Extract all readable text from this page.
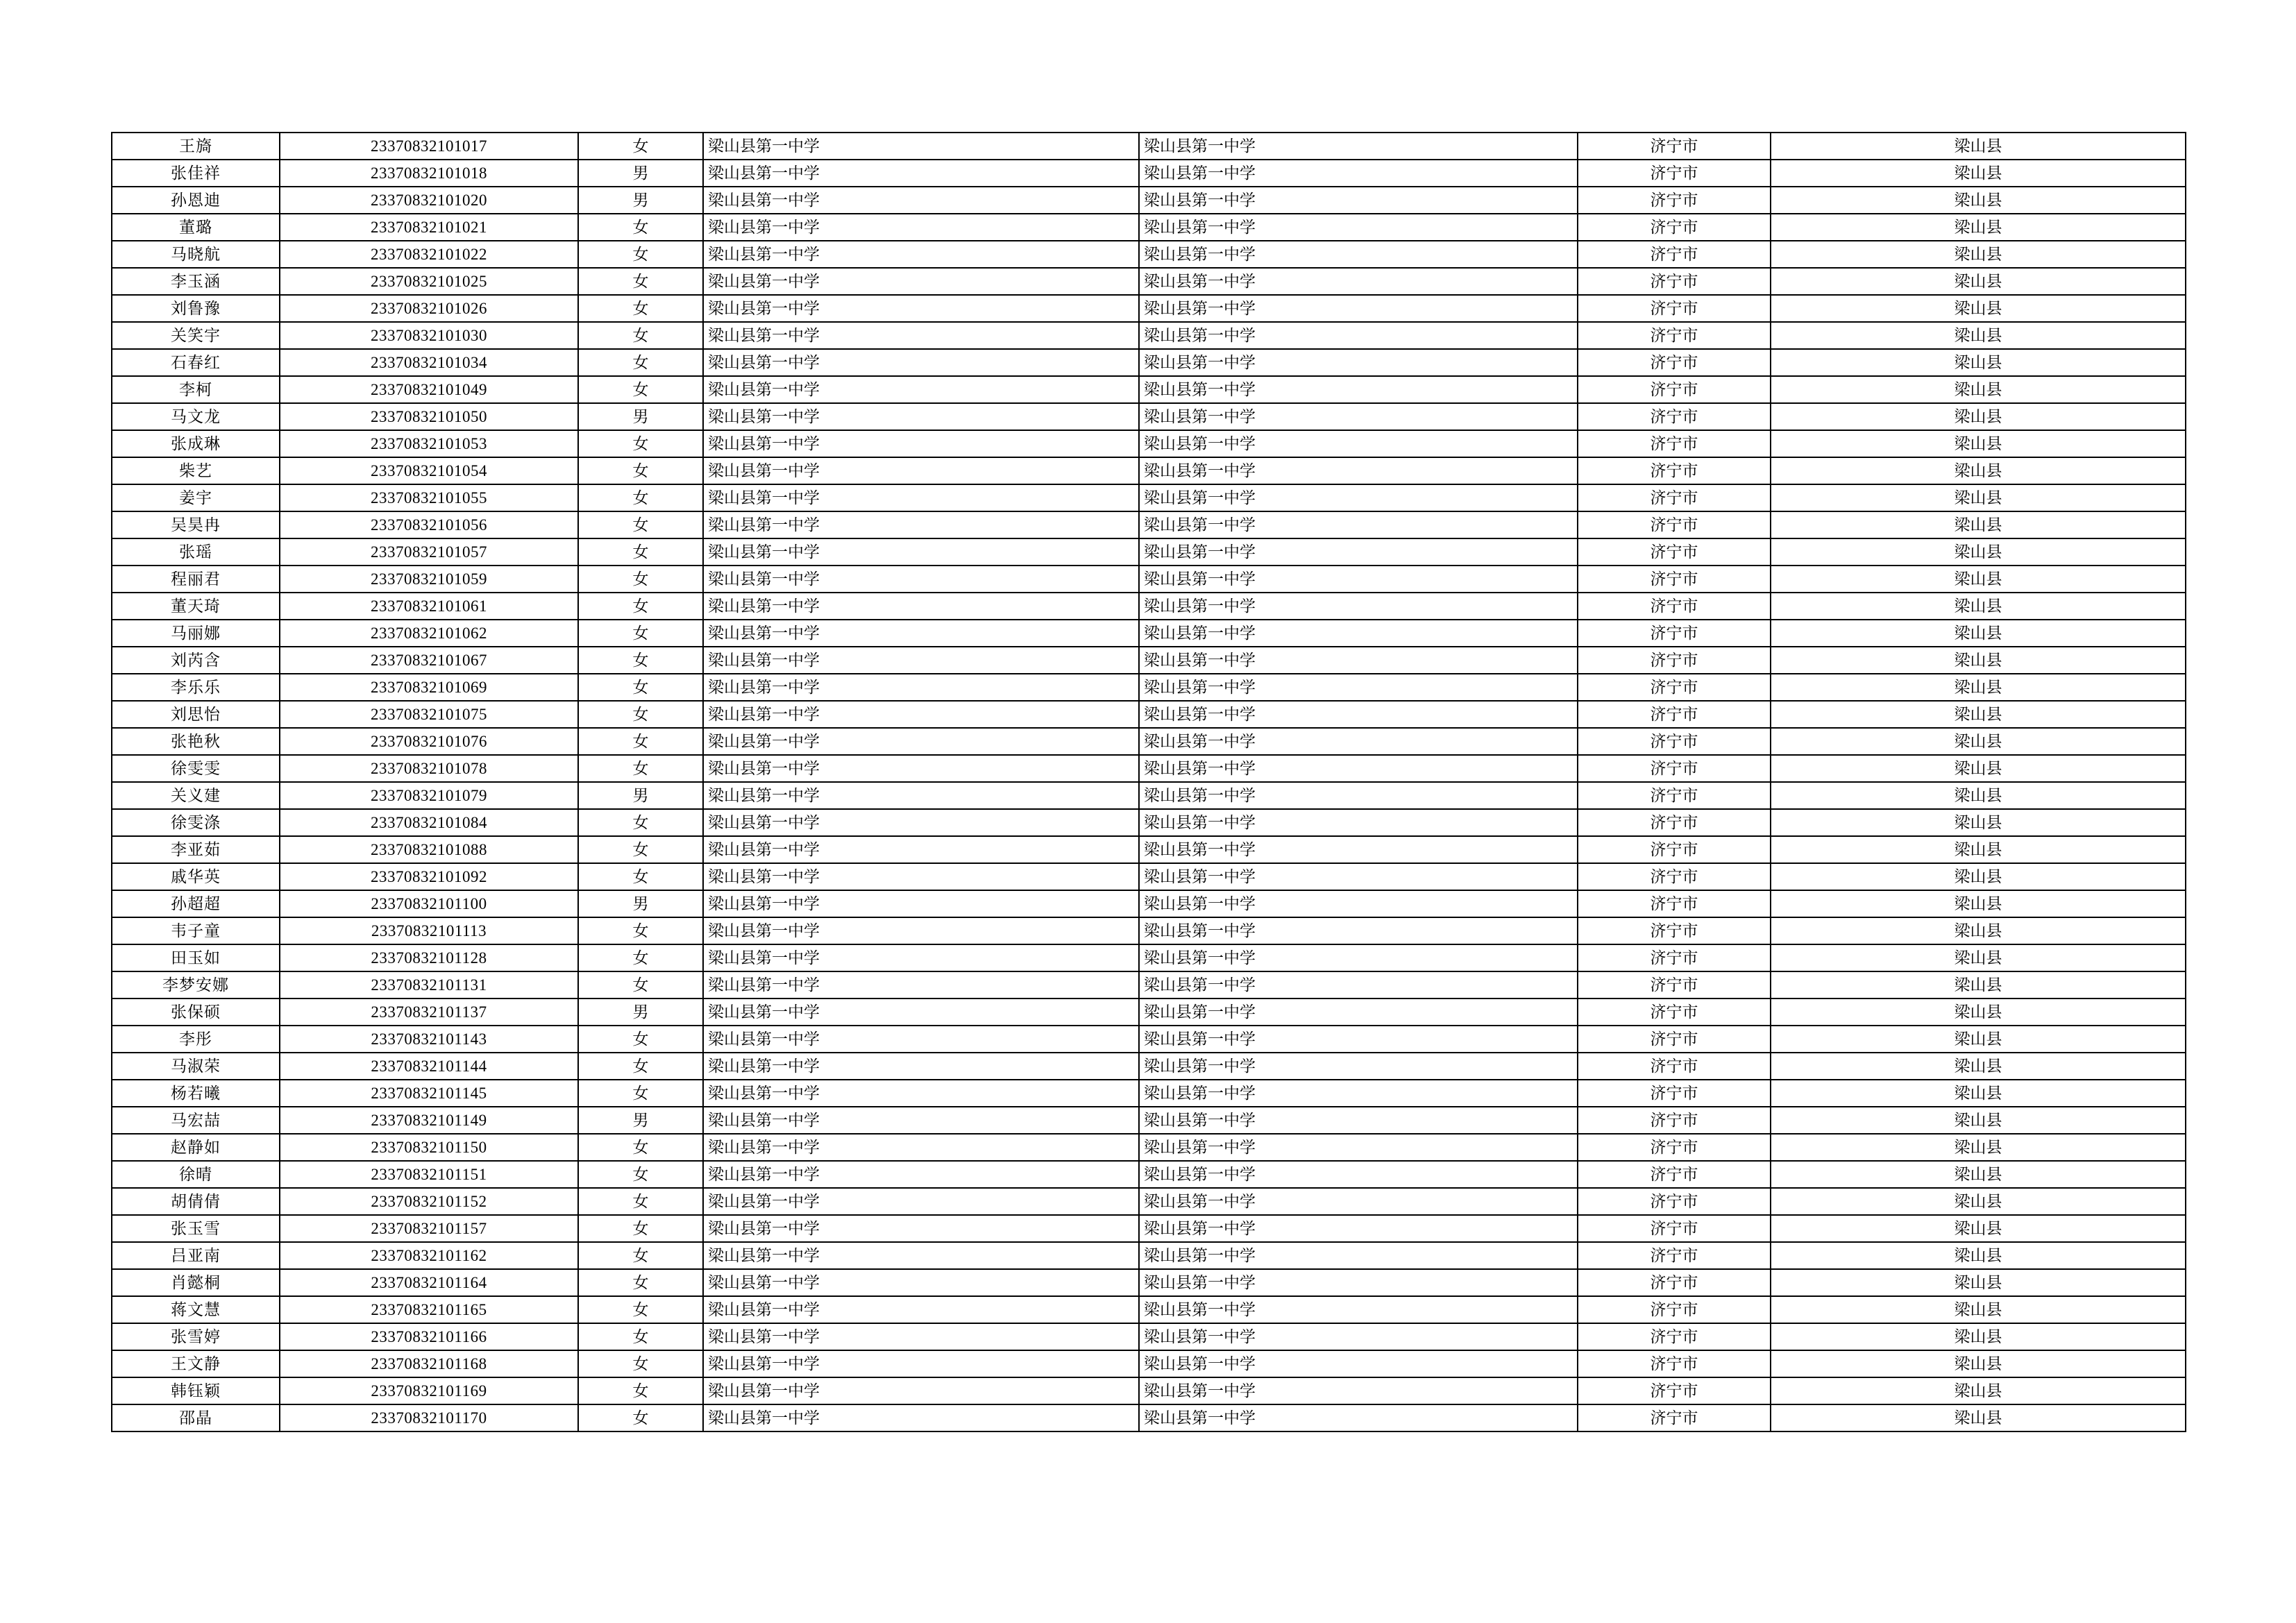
王旖	23370832101017	女	梁山县第一中学	梁山县第一中学	济宁市	梁山县
张佳祥	23370832101018	男	梁山县第一中学	梁山县第一中学	济宁市	梁山县
孙恩迪	23370832101020	男	梁山县第一中学	梁山县第一中学	济宁市	梁山县
董璐	23370832101021	女	梁山县第一中学	梁山县第一中学	济宁市	梁山县
马晓航	23370832101022	女	梁山县第一中学	梁山县第一中学	济宁市	梁山县
李玉涵	23370832101025	女	梁山县第一中学	梁山县第一中学	济宁市	梁山县
刘鲁豫	23370832101026	女	梁山县第一中学	梁山县第一中学	济宁市	梁山县
关笑宇	23370832101030	女	梁山县第一中学	梁山县第一中学	济宁市	梁山县
石春红	23370832101034	女	梁山县第一中学	梁山县第一中学	济宁市	梁山县
李柯	23370832101049	女	梁山县第一中学	梁山县第一中学	济宁市	梁山县
马文龙	23370832101050	男	梁山县第一中学	梁山县第一中学	济宁市	梁山县
张成琳	23370832101053	女	梁山县第一中学	梁山县第一中学	济宁市	梁山县
柴艺	23370832101054	女	梁山县第一中学	梁山县第一中学	济宁市	梁山县
姜宇	23370832101055	女	梁山县第一中学	梁山县第一中学	济宁市	梁山县
吴昊冉	23370832101056	女	梁山县第一中学	梁山县第一中学	济宁市	梁山县
张瑶	23370832101057	女	梁山县第一中学	梁山县第一中学	济宁市	梁山县
程丽君	23370832101059	女	梁山县第一中学	梁山县第一中学	济宁市	梁山县
董天琦	23370832101061	女	梁山县第一中学	梁山县第一中学	济宁市	梁山县
马丽娜	23370832101062	女	梁山县第一中学	梁山县第一中学	济宁市	梁山县
刘芮含	23370832101067	女	梁山县第一中学	梁山县第一中学	济宁市	梁山县
李乐乐	23370832101069	女	梁山县第一中学	梁山县第一中学	济宁市	梁山县
刘思怡	23370832101075	女	梁山县第一中学	梁山县第一中学	济宁市	梁山县
张艳秋	23370832101076	女	梁山县第一中学	梁山县第一中学	济宁市	梁山县
徐雯雯	23370832101078	女	梁山县第一中学	梁山县第一中学	济宁市	梁山县
关义建	23370832101079	男	梁山县第一中学	梁山县第一中学	济宁市	梁山县
徐雯涤	23370832101084	女	梁山县第一中学	梁山县第一中学	济宁市	梁山县
李亚茹	23370832101088	女	梁山县第一中学	梁山县第一中学	济宁市	梁山县
戚华英	23370832101092	女	梁山县第一中学	梁山县第一中学	济宁市	梁山县
孙超超	23370832101100	男	梁山县第一中学	梁山县第一中学	济宁市	梁山县
韦子童	23370832101113	女	梁山县第一中学	梁山县第一中学	济宁市	梁山县
田玉如	23370832101128	女	梁山县第一中学	梁山县第一中学	济宁市	梁山县
李梦安娜	23370832101131	女	梁山县第一中学	梁山县第一中学	济宁市	梁山县
张保硕	23370832101137	男	梁山县第一中学	梁山县第一中学	济宁市	梁山县
李彤	23370832101143	女	梁山县第一中学	梁山县第一中学	济宁市	梁山县
马淑荣	23370832101144	女	梁山县第一中学	梁山县第一中学	济宁市	梁山县
杨若曦	23370832101145	女	梁山县第一中学	梁山县第一中学	济宁市	梁山县
马宏喆	23370832101149	男	梁山县第一中学	梁山县第一中学	济宁市	梁山县
赵静如	23370832101150	女	梁山县第一中学	梁山县第一中学	济宁市	梁山县
徐晴	23370832101151	女	梁山县第一中学	梁山县第一中学	济宁市	梁山县
胡倩倩	23370832101152	女	梁山县第一中学	梁山县第一中学	济宁市	梁山县
张玉雪	23370832101157	女	梁山县第一中学	梁山县第一中学	济宁市	梁山县
吕亚南	23370832101162	女	梁山县第一中学	梁山县第一中学	济宁市	梁山县
肖懿桐	23370832101164	女	梁山县第一中学	梁山县第一中学	济宁市	梁山县
蒋文慧	23370832101165	女	梁山县第一中学	梁山县第一中学	济宁市	梁山县
张雪婷	23370832101166	女	梁山县第一中学	梁山县第一中学	济宁市	梁山县
王文静	23370832101168	女	梁山县第一中学	梁山县第一中学	济宁市	梁山县
韩钰颖	23370832101169	女	梁山县第一中学	梁山县第一中学	济宁市	梁山县
邵晶	23370832101170	女	梁山县第一中学	梁山县第一中学	济宁市	梁山县
